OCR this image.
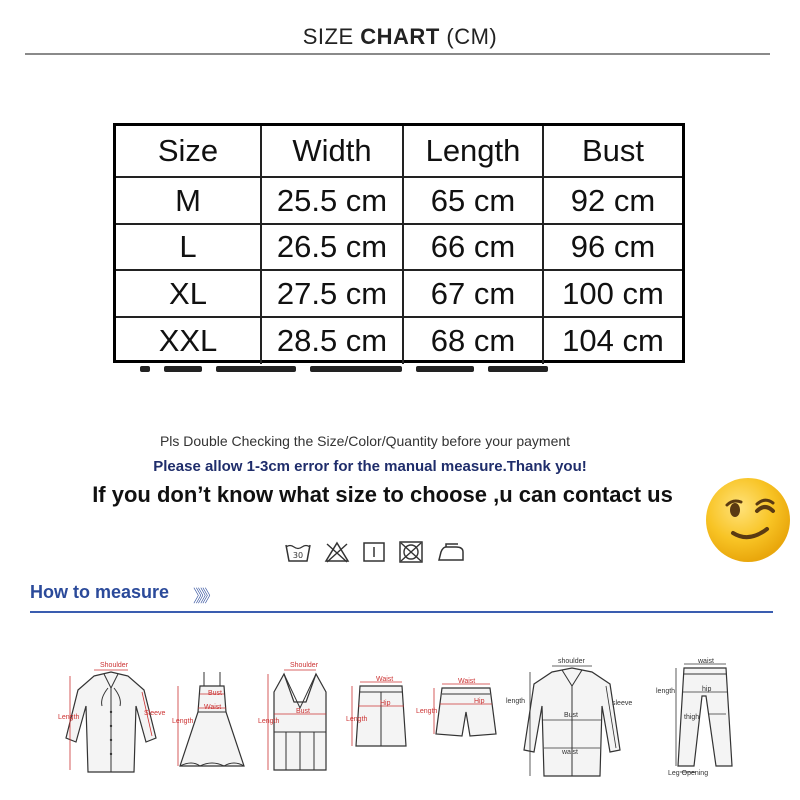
SIZE CHART (CM)
Size	Width	Length	Bust
M	25.5 cm	65 cm	92 cm
L	26.5 cm	66 cm	96 cm
XL	27.5 cm	67 cm	100 cm
XXL	28.5 cm	68 cm	104 cm
Pls Double Checking the Size/Color/Quantity before your payment
Please allow 1-3cm error for the manual measure.Thank you!
If you don’t know what size to choose ,u can contact us
30
How to measure 》》》
Shoulder
Length
Sleeve
Bust
Length
Waist
Shoulder
Bust
Length
Waist
Hip
Length
Waist
Hip
Length
shoulder
length	sleeve
Bust
waist
waist
length	hip
thigh
Leg Opening
